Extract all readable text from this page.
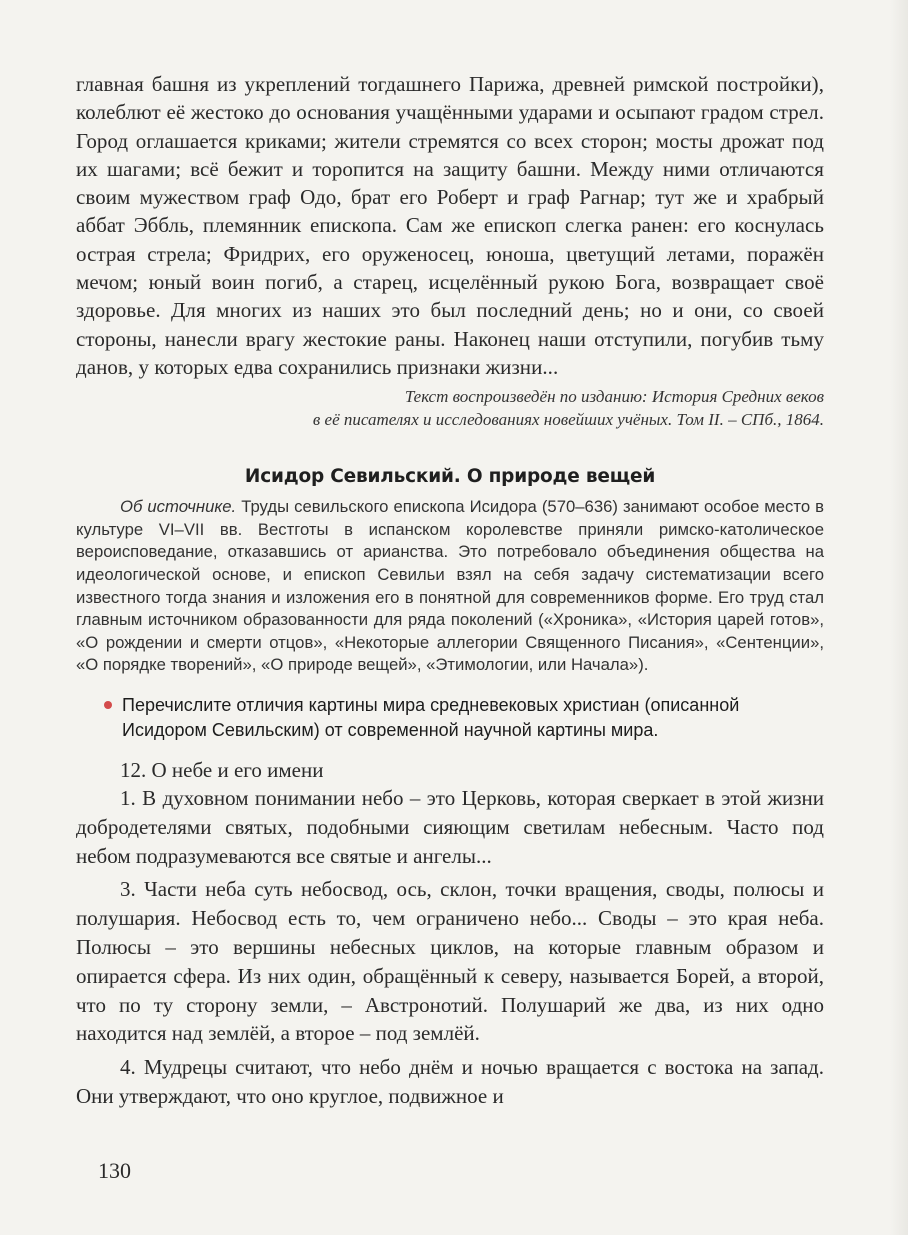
главная башня из укреплений тогдашнего Парижа, древней римской постройки), колеблют её жестоко до основания учащёнными ударами и осыпают градом стрел. Город оглашается криками; жители стремятся со всех сторон; мосты дрожат под их шагами; всё бежит и торопится на защиту башни. Между ними отличаются своим мужеством граф Одо, брат его Роберт и граф Рагнар; тут же и храбрый аббат Эббль, племянник епископа. Сам же епископ слегка ранен: его коснулась острая стрела; Фридрих, его оруженосец, юноша, цветущий летами, поражён мечом; юный воин погиб, а старец, исцелённый рукою Бога, возвращает своё здоровье. Для многих из наших это был последний день; но и они, со своей стороны, нанесли врагу жестокие раны. Наконец наши отступили, погубив тьму данов, у которых едва сохранились признаки жизни...

Текст воспроизведён по изданию: История Средних веков
в её писателях и исследованиях новейших учёных. Том II. – СПб., 1864.
Исидор Севильский. О природе вещей

Об источнике. Труды севильского епископа Исидора (570–636) занимают особое место в культуре VI–VII вв. Вестготы в испанском королевстве приняли римско-католическое вероисповедание, отказавшись от арианства. Это потребовало объединения общества на идеологической основе, и епископ Севильи взял на себя задачу систематизации всего известного тогда знания и изложения его в понятной для современников форме. Его труд стал главным источником образованности для ряда поколений («Хроника», «История царей готов», «О рождении и смерти отцов», «Некоторые аллегории Священного Писания», «Сентенции», «О порядке творений», «О природе вещей», «Этимологии, или Начала»).

Перечислите отличия картины мира средневековых христиан (описанной Исидором Севильским) от современной научной картины мира.
12. О небе и его имени

1. В духовном понимании небо – это Церковь, которая сверкает в этой жизни добродетелями святых, подобными сияющим светилам небесным. Часто под небом подразумеваются все святые и ангелы...

3. Части неба суть небосвод, ось, склон, точки вращения, своды, полюсы и полушария. Небосвод есть то, чем ограничено небо... Своды – это края неба. Полюсы – это вершины небесных циклов, на которые главным образом и опирается сфера. Из них один, обращённый к северу, называется Борей, а второй, что по ту сторону земли, – Австронотий. Полушарий же два, из них одно находится над землёй, а второе – под землёй.

4. Мудрецы считают, что небо днём и ночью вращается с востока на запад. Они утверждают, что оно круглое, подвижное и

130
